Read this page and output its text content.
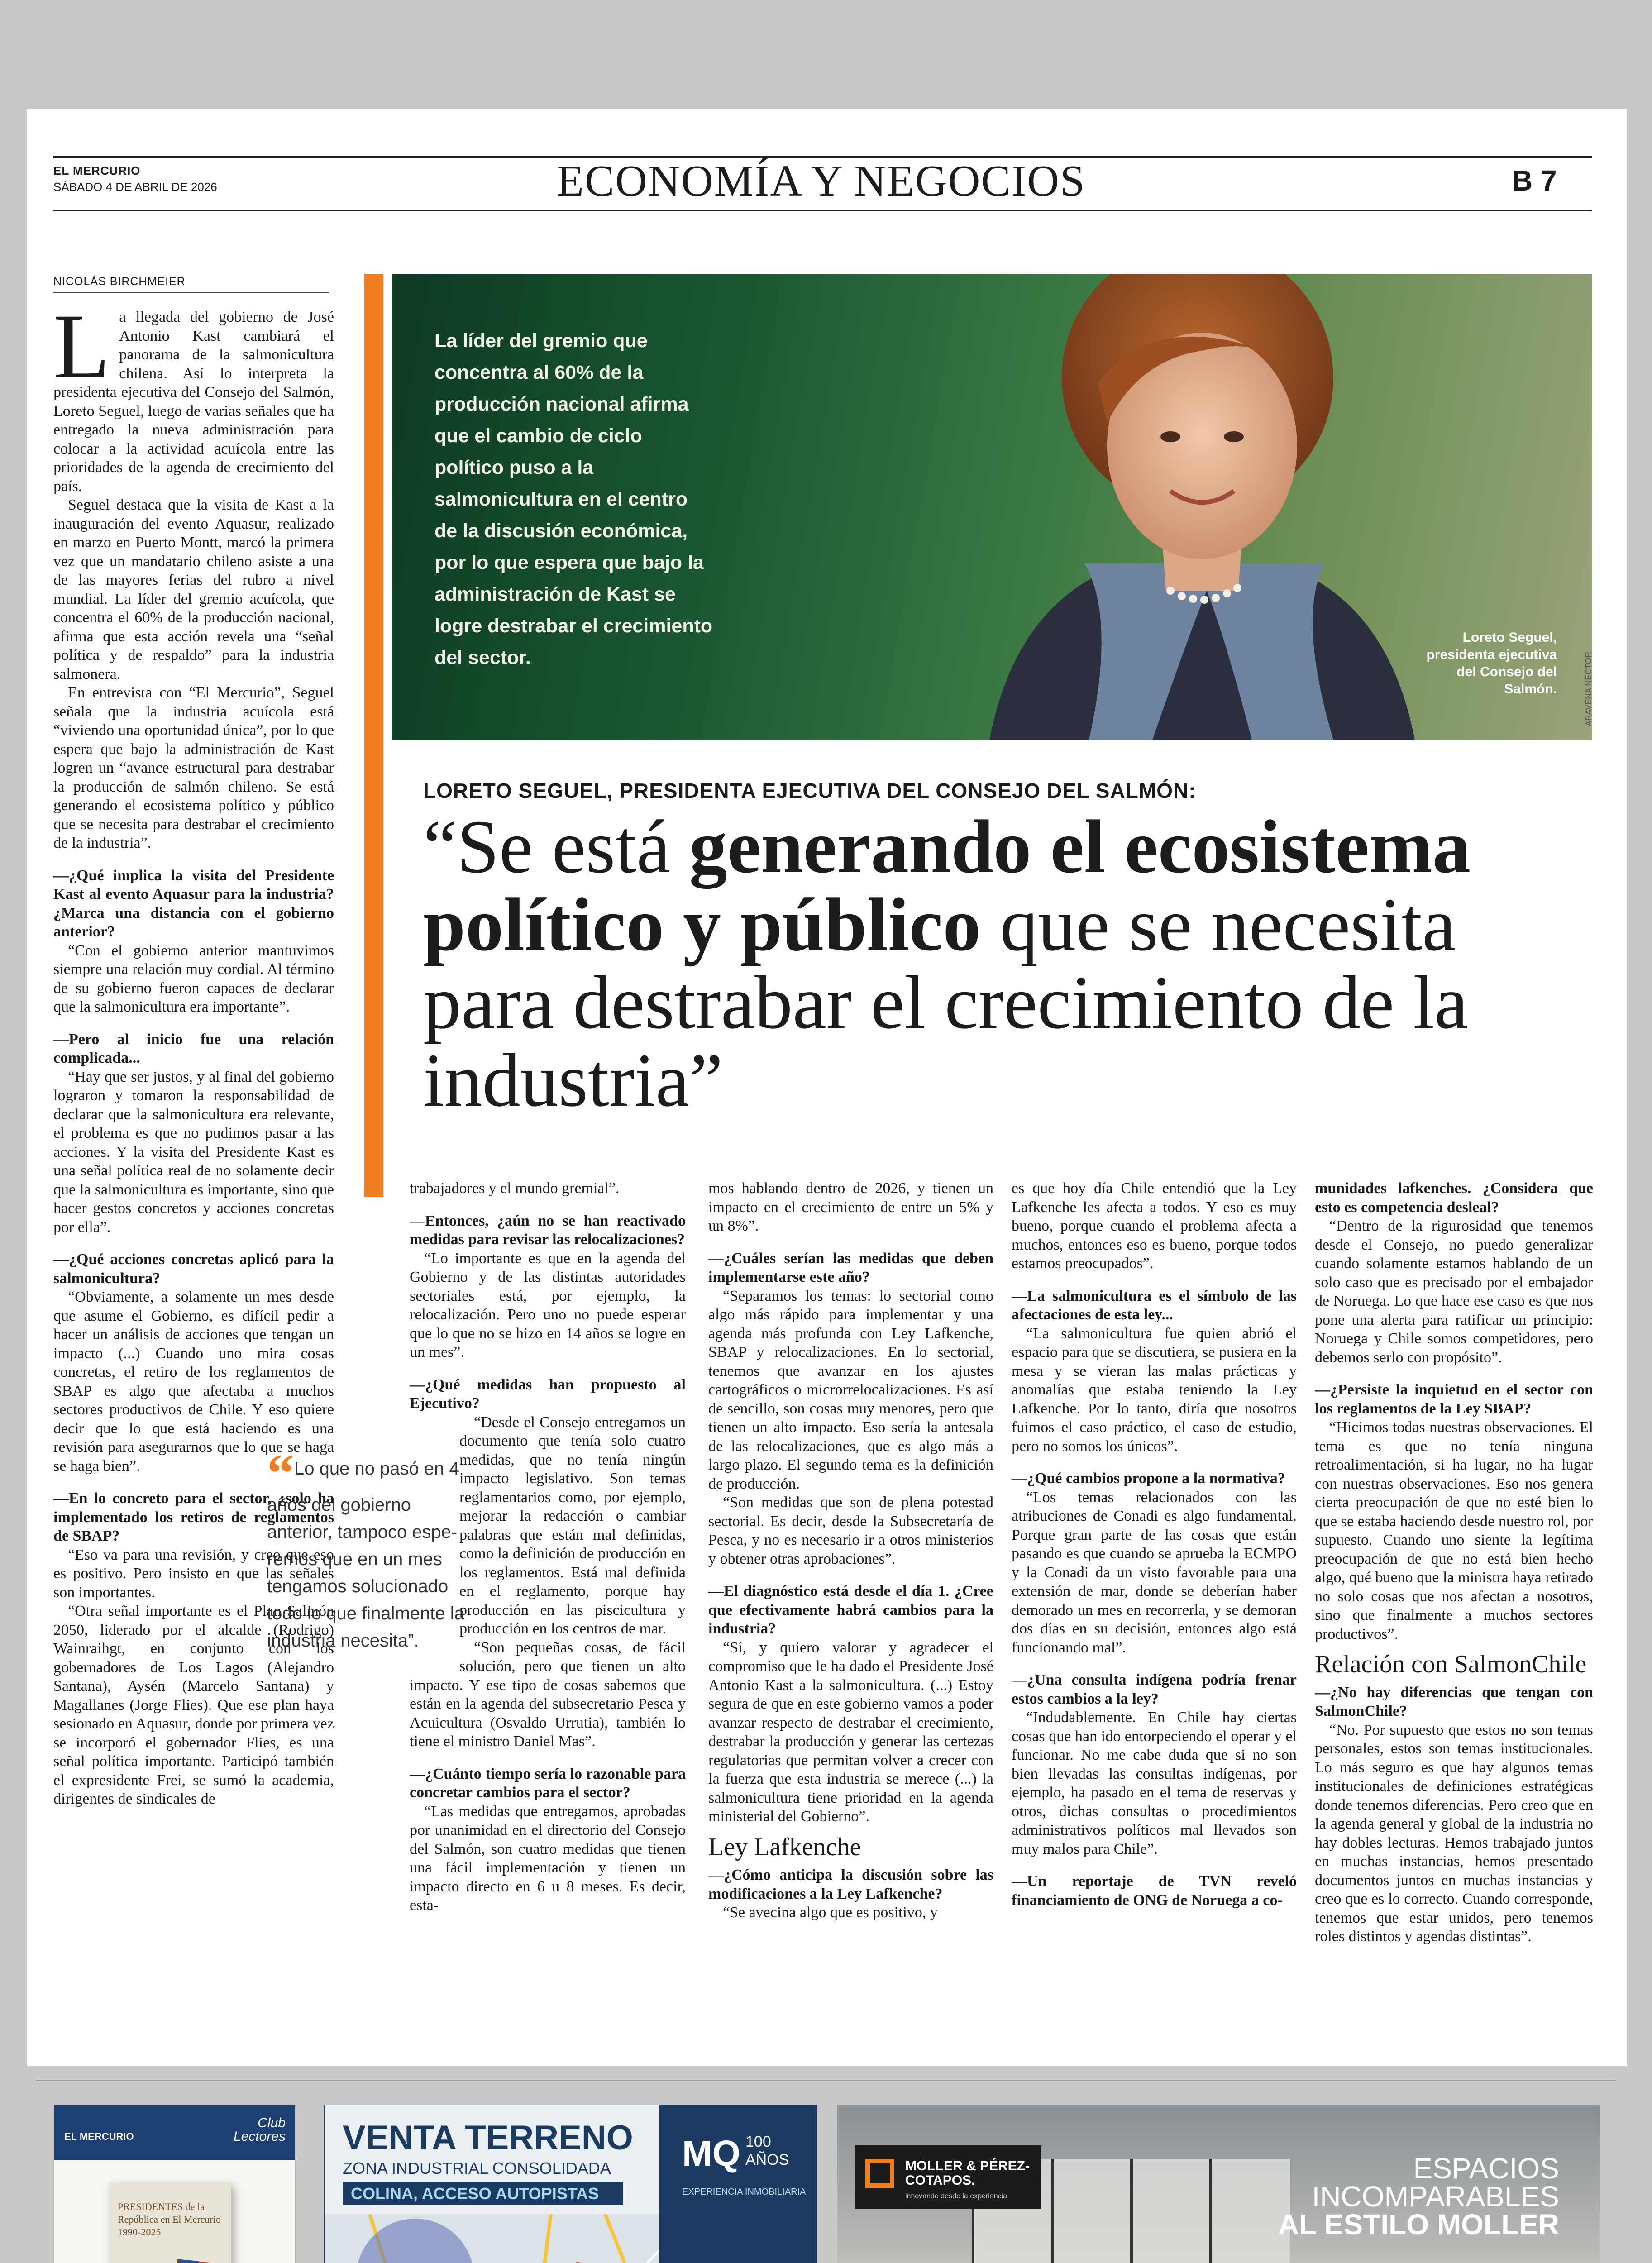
EL MERCURIO
SÁBADO 4 DE ABRIL DE 2026	ECONOMÍA Y NEGOCIOS	B 7
NICOLÁS BIRCHMEIER

La llegada del gobierno de José Antonio Kast cambiará el panorama de la salmonicultura chilena. Así lo interpreta la presidenta ejecutiva del Consejo del Salmón, Loreto Seguel, luego de varias señales que ha entregado la nueva administración para colocar a la actividad acuícola entre las prioridades de la agenda de crecimiento del país.

Seguel destaca que la visita de Kast a la inauguración del evento Aquasur, realizado en marzo en Puerto Montt, marcó la primera vez que un mandatario chileno asiste a una de las mayores ferias del rubro a nivel mundial. La líder del gremio acuícola, que concentra el 60% de la producción nacional, afirma que esta acción revela una “señal política y de respaldo” para la industria salmonera.

En entrevista con “El Mercurio”, Seguel señala que la industria acuícola está “viviendo una oportunidad única”, por lo que espera que bajo la administración de Kast logren un “avance estructural para destrabar la producción de salmón chileno. Se está generando el ecosistema político y público que se necesita para destrabar el crecimiento de la industria”.

—¿Qué implica la visita del Presidente Kast al evento Aquasur para la industria? ¿Marca una distancia con el gobierno anterior?

“Con el gobierno anterior mantuvimos siempre una relación muy cordial. Al término de su gobierno fueron capaces de declarar que la salmonicultura era importante”.

—Pero al inicio fue una relación complicada...

“Hay que ser justos, y al final del gobierno lograron y tomaron la responsabilidad de declarar que la salmonicultura era relevante, el problema es que no pudimos pasar a las acciones. Y la visita del Presidente Kast es una señal política real de no solamente decir que la salmonicultura es importante, sino que hacer gestos concretos y acciones concretas por ella”.

—¿Qué acciones concretas aplicó para la salmonicultura?

“Obviamente, a solamente un mes desde que asume el Gobierno, es difícil pedir a hacer un análisis de acciones que tengan un impacto (...) Cuando uno mira cosas concretas, el retiro de los reglamentos de SBAP es algo que afectaba a muchos sectores productivos de Chile. Y eso quiere decir que lo que está haciendo es una revisión para asegurarnos que lo que se haga se haga bien”.

—En lo concreto para el sector, ¿solo ha implementado los retiros de reglamentos de SBAP?

“Eso va para una revisión, y creo que eso es positivo. Pero insisto en que las señales son importantes.

“Otra señal importante es el Plan Salmón 2050, liderado por el alcalde (Rodrigo) Wainraihgt, en conjunto con los gobernadores de Los Lagos (Alejandro Santana), Aysén (Marcelo Santana) y Magallanes (Jorge Flies). Que ese plan haya sesionado en Aquasur, donde por primera vez se incorporó el gobernador Flies, es una señal política importante. Participó también el expresidente Frei, se sumó la academia, dirigentes de sindicales de

La líder del gremio que concentra al 60% de la producción nacional afirma que el cambio de ciclo político puso a la salmonicultura en el centro de la discusión económica, por lo que espera que bajo la administración de Kast se logre destrabar el crecimiento del sector.
Loreto Seguel, presidenta ejecutiva del Consejo del Salmón.	ARAVENA NECTOR
LORETO SEGUEL, PRESIDENTA EJECUTIVA DEL CONSEJO DEL SALMÓN:
“Se está generando el ecosistema político y público que se necesita para destrabar el crecimiento de la industria”

trabajadores y el mundo gremial”.

—Entonces, ¿aún no se han reactivado medidas para revisar las relocalizaciones?

“Lo importante es que en la agenda del Gobierno y de las distintas autoridades sectoriales está, por ejemplo, la relocalización. Pero uno no puede esperar que lo que no se hizo en 14 años se logre en un mes”.

—¿Qué medidas han propuesto al Ejecutivo?

“Desde el Consejo entregamos un documento que tenía solo cuatro medidas, que no tenía ningún impacto legislativo. Son temas reglamentarios como, por ejemplo, mejorar la redacción o cambiar palabras que están mal definidas, como la definición de producción en los reglamentos. Está mal definida en el reglamento, porque hay producción en las piscicultura y producción en los centros de mar.

“Son pequeñas cosas, de fácil solución, pero que tienen un alto impacto. Y ese tipo de cosas sabemos que están en la agenda del subsecretario Pesca y Acuicultura (Osvaldo Urrutia), también lo tiene el ministro Daniel Mas”.

—¿Cuánto tiempo sería lo razonable para concretar cambios para el sector?

“Las medidas que entregamos, aprobadas por unanimidad en el directorio del Consejo del Salmón, son cuatro medidas que tienen una fácil implementación y tienen un impacto directo en 6 u 8 meses. Es decir, esta-

“Lo que no pasó en 4 años del gobierno anterior, tampoco esperemos que en un mes tengamos solucionado todo lo que finalmente la industria necesita”.

mos hablando dentro de 2026, y tienen un impacto en el crecimiento de entre un 5% y un 8%”.

—¿Cuáles serían las medidas que deben implementarse este año?

“Separamos los temas: lo sectorial como algo más rápido para implementar y una agenda más profunda con Ley Lafkenche, SBAP y relocalizaciones. En lo sectorial, tenemos que avanzar en los ajustes cartográficos o microrrelocalizaciones. Es así de sencillo, son cosas muy menores, pero que tienen un alto impacto. Eso sería la antesala de las relocalizaciones, que es algo más a largo plazo. El segundo tema es la definición de producción.

“Son medidas que son de plena potestad sectorial. Es decir, desde la Subsecretaría de Pesca, y no es necesario ir a otros ministerios y obtener otras aprobaciones”.

—El diagnóstico está desde el día 1. ¿Cree que efectivamente habrá cambios para la industria?

“Sí, y quiero valorar y agradecer el compromiso que le ha dado el Presidente José Antonio Kast a la salmonicultura. (...) Estoy segura de que en este gobierno vamos a poder avanzar respecto de destrabar el crecimiento, destrabar la producción y generar las certezas regulatorias que permitan volver a crecer con la fuerza que esta industria se merece (...) la salmonicultura tiene prioridad en la agenda ministerial del Gobierno”.

Ley Lafkenche

—¿Cómo anticipa la discusión sobre las modificaciones a la Ley Lafkenche?

“Se avecina algo que es positivo, y

es que hoy día Chile entendió que la Ley Lafkenche les afecta a todos. Y eso es muy bueno, porque cuando el problema afecta a muchos, entonces eso es bueno, porque todos estamos preocupados”.

—La salmonicultura es el símbolo de las afectaciones de esta ley...

“La salmonicultura fue quien abrió el espacio para que se discutiera, se pusiera en la mesa y se vieran las malas prácticas y anomalías que estaba teniendo la Ley Lafkenche. Por lo tanto, diría que nosotros fuimos el caso práctico, el caso de estudio, pero no somos los únicos”.

—¿Qué cambios propone a la normativa?

“Los temas relacionados con las atribuciones de Conadi es algo fundamental. Porque gran parte de las cosas que están pasando es que cuando se aprueba la ECMPO y la Conadi da un visto favorable para una extensión de mar, donde se deberían haber demorado un mes en recorrerla, y se demoran dos días en su decisión, entonces algo está funcionando mal”.

—¿Una consulta indígena podría frenar estos cambios a la ley?

“Indudablemente. En Chile hay ciertas cosas que han ido entorpeciendo el operar y el funcionar. No me cabe duda que si no son bien llevadas las consultas indígenas, por ejemplo, ha pasado en el tema de reservas y otros, dichas consultas o procedimientos administrativos políticos mal llevados son muy malos para Chile”.

—Un reportaje de TVN reveló financiamiento de ONG de Noruega a co-

munidades lafkenches. ¿Considera que esto es competencia desleal?

“Dentro de la rigurosidad que tenemos desde el Consejo, no puedo generalizar cuando solamente estamos hablando de un solo caso que es precisado por el embajador de Noruega. Lo que hace ese caso es que nos pone una alerta para ratificar un principio: Noruega y Chile somos competidores, pero debemos serlo con propósito”.

—¿Persiste la inquietud en el sector con los reglamentos de la Ley SBAP?

“Hicimos todas nuestras observaciones. El tema es que no tenía ninguna retroalimentación, si ha lugar, no ha lugar con nuestras observaciones. Eso nos genera cierta preocupación de que no esté bien lo que se estaba haciendo desde nuestro rol, por supuesto. Cuando uno siente la legítima preocupación de que no está bien hecho algo, qué bueno que la ministra haya retirado no solo cosas que nos afectan a nosotros, sino que finalmente a muchos sectores productivos”.

Relación con SalmonChile

—¿No hay diferencias que tengan con SalmonChile?

“No. Por supuesto que estos no son temas personales, estos son temas institucionales. Lo más seguro es que hay algunos temas institucionales de definiciones estratégicas donde tenemos diferencias. Pero creo que en la agenda general y global de la industria no hay dobles lecturas. Hemos trabajado juntos en muchas instancias, hemos presentado documentos juntos en muchas instancias y creo que es lo correcto. Cuando corresponde, tenemos que estar unidos, pero tenemos roles distintos y agendas distintas”.

EL MERCURIO
Club Lectores
PRESIDENTES de la República en El Mercurio 1990-2025
VENTA TERRENO
ZONA INDUSTRIAL CONSOLIDADA
COLINA, ACCESO AUTOPISTAS
MQ 100 AÑOS
EXPERIENCIA INMOBILIARIA
MOLLER & PÉREZ-COTAPOS.
innovando desde la experiencia
ESPACIOS
INCOMPARABLES
AL ESTILO MOLLER
